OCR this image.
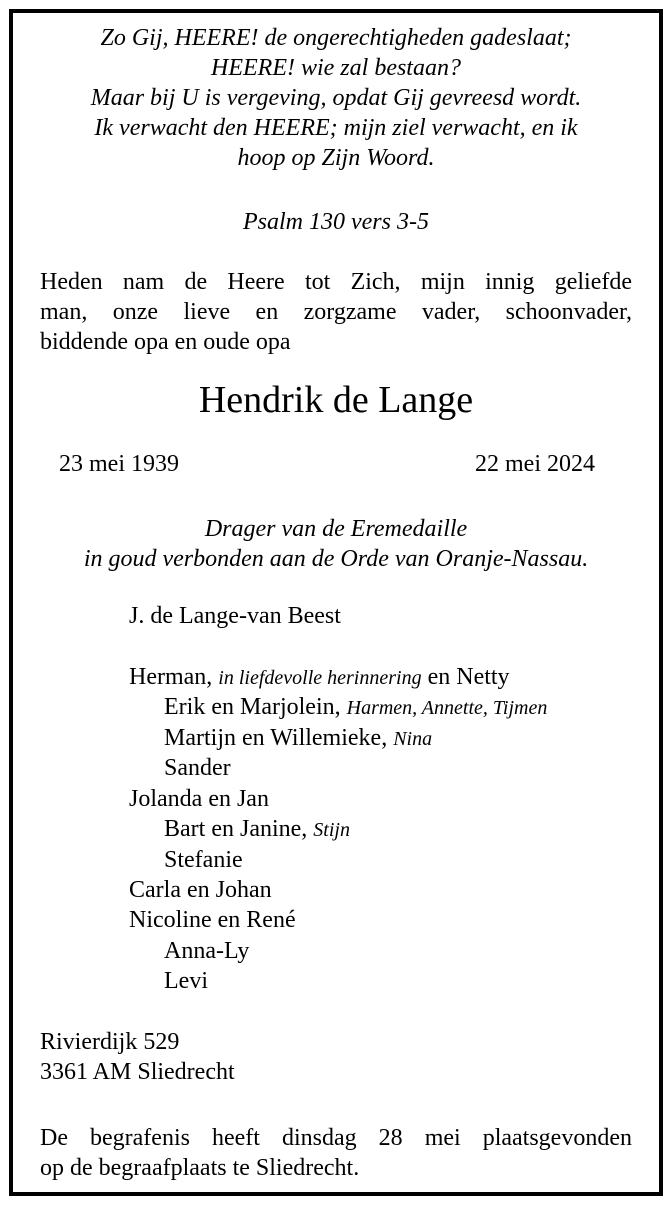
Zo Gij, HEERE! de ongerechtigheden gadeslaat;
HEERE! wie zal bestaan?
Maar bij U is vergeving, opdat Gij gevreesd wordt.
Ik verwacht den HEERE; mijn ziel verwacht, en ik
hoop op Zijn Woord.
Psalm 130 vers 3-5
Heden nam de Heere tot Zich, mijn innig geliefde
man, onze lieve en zorgzame vader, schoonvader,
biddende opa en oude opa
Hendrik de Lange
23 mei 1939	22 mei 2024
Drager van de Eremedaille
in goud verbonden aan de Orde van Oranje-Nassau.
J. de Lange-van Beest
Herman, in liefdevolle herinnering en Netty
Erik en Marjolein, Harmen, Annette, Tijmen
Martijn en Willemieke, Nina
Sander
Jolanda en Jan
Bart en Janine, Stijn
Stefanie
Carla en Johan
Nicoline en René
Anna-Ly
Levi
Rivierdijk 529
3361 AM Sliedrecht
De begrafenis heeft dinsdag 28 mei plaatsgevonden
op de begraafplaats te Sliedrecht.
